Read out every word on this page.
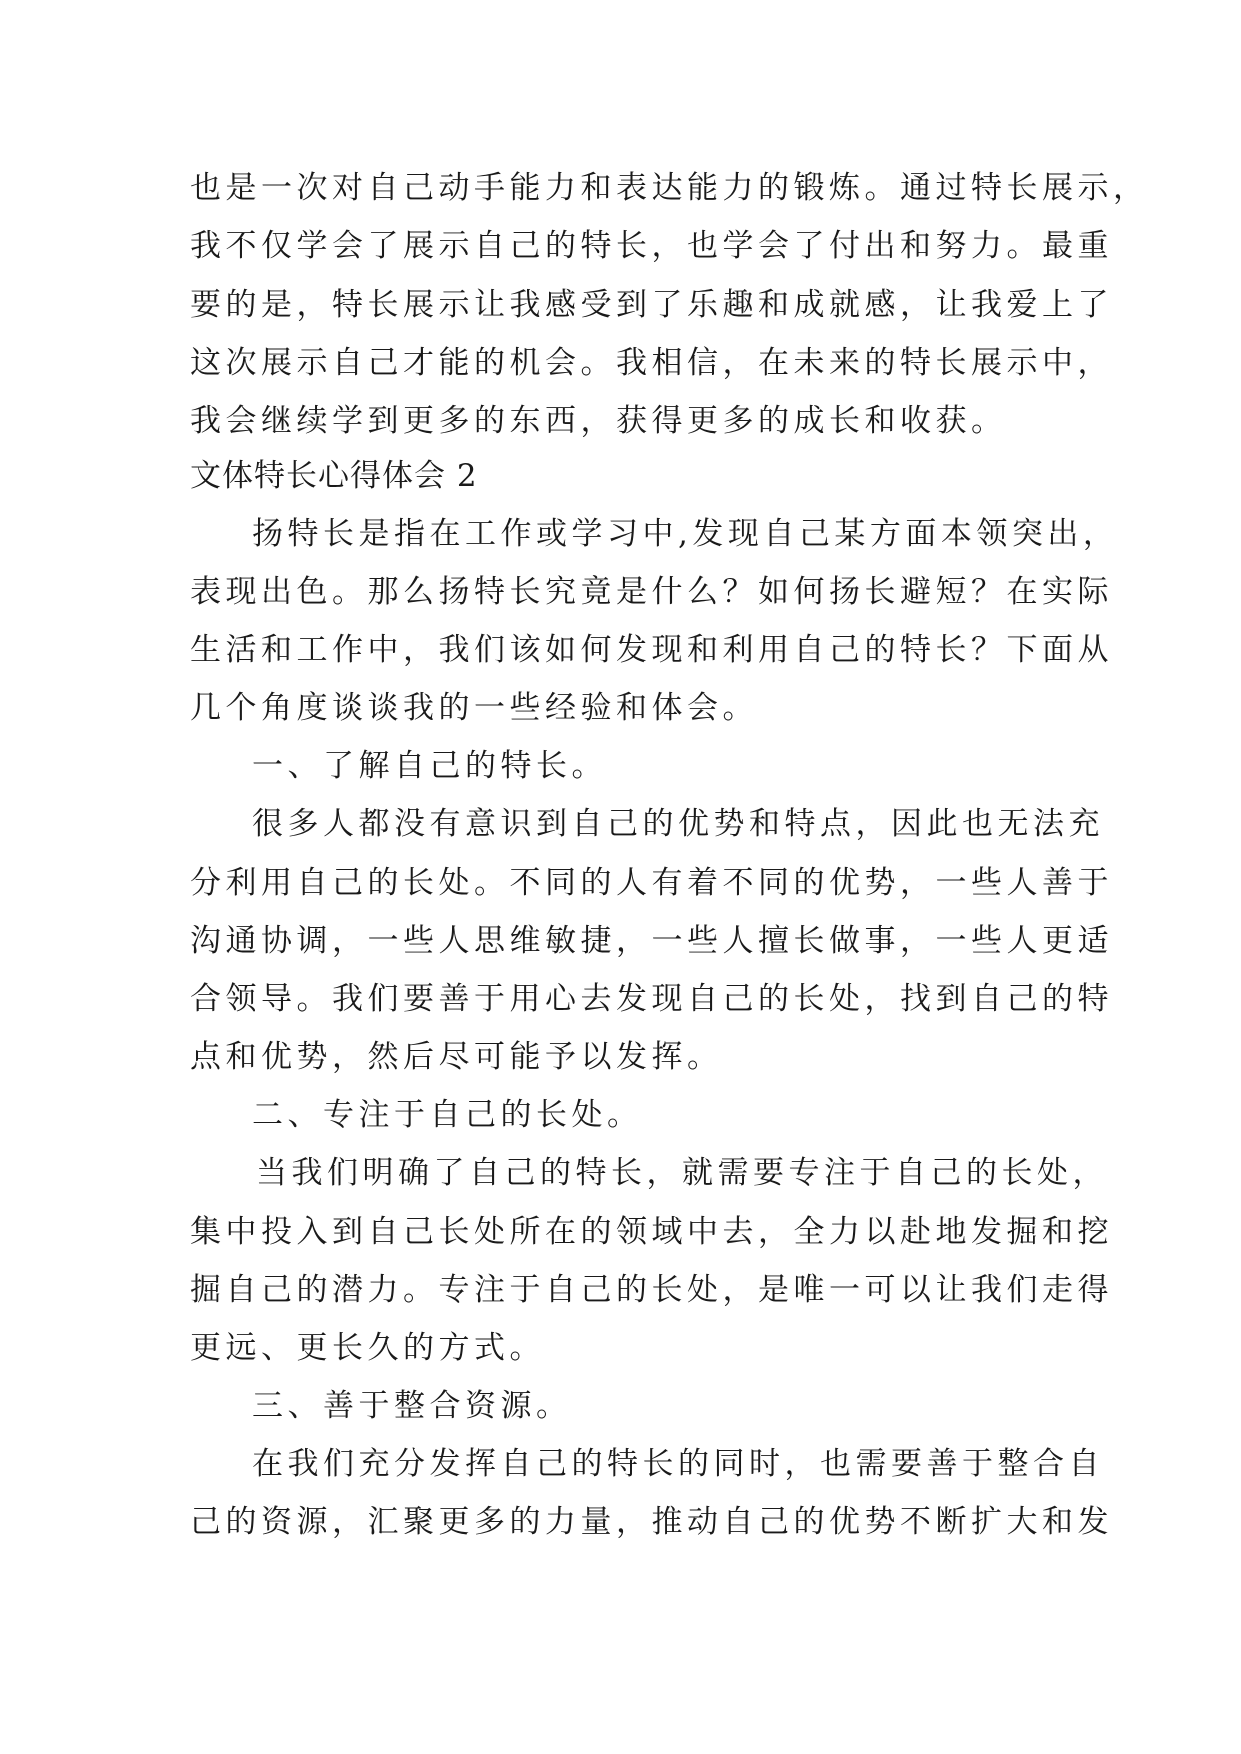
也是一次对自己动手能力和表达能力的锻炼。通过特长展示，
我不仅学会了展示自己的特长，也学会了付出和努力。最重
要的是，特长展示让我感受到了乐趣和成就感，让我爱上了
这次展示自己才能的机会。我相信，在未来的特长展示中，
我会继续学到更多的东西，获得更多的成长和收获。
文体特长心得体会 2
扬特长是指在工作或学习中,发现自己某方面本领突出，
表现出色。那么扬特长究竟是什么？如何扬长避短？在实际
生活和工作中，我们该如何发现和利用自己的特长？下面从
几个角度谈谈我的一些经验和体会。
一、了解自己的特长。
很多人都没有意识到自己的优势和特点，因此也无法充
分利用自己的长处。不同的人有着不同的优势，一些人善于
沟通协调，一些人思维敏捷，一些人擅长做事，一些人更适
合领导。我们要善于用心去发现自己的长处，找到自己的特
点和优势，然后尽可能予以发挥。
二、专注于自己的长处。
当我们明确了自己的特长，就需要专注于自己的长处，
集中投入到自己长处所在的领域中去，全力以赴地发掘和挖
掘自己的潜力。专注于自己的长处，是唯一可以让我们走得
更远、更长久的方式。
三、善于整合资源。
在我们充分发挥自己的特长的同时，也需要善于整合自
己的资源，汇聚更多的力量，推动自己的优势不断扩大和发
